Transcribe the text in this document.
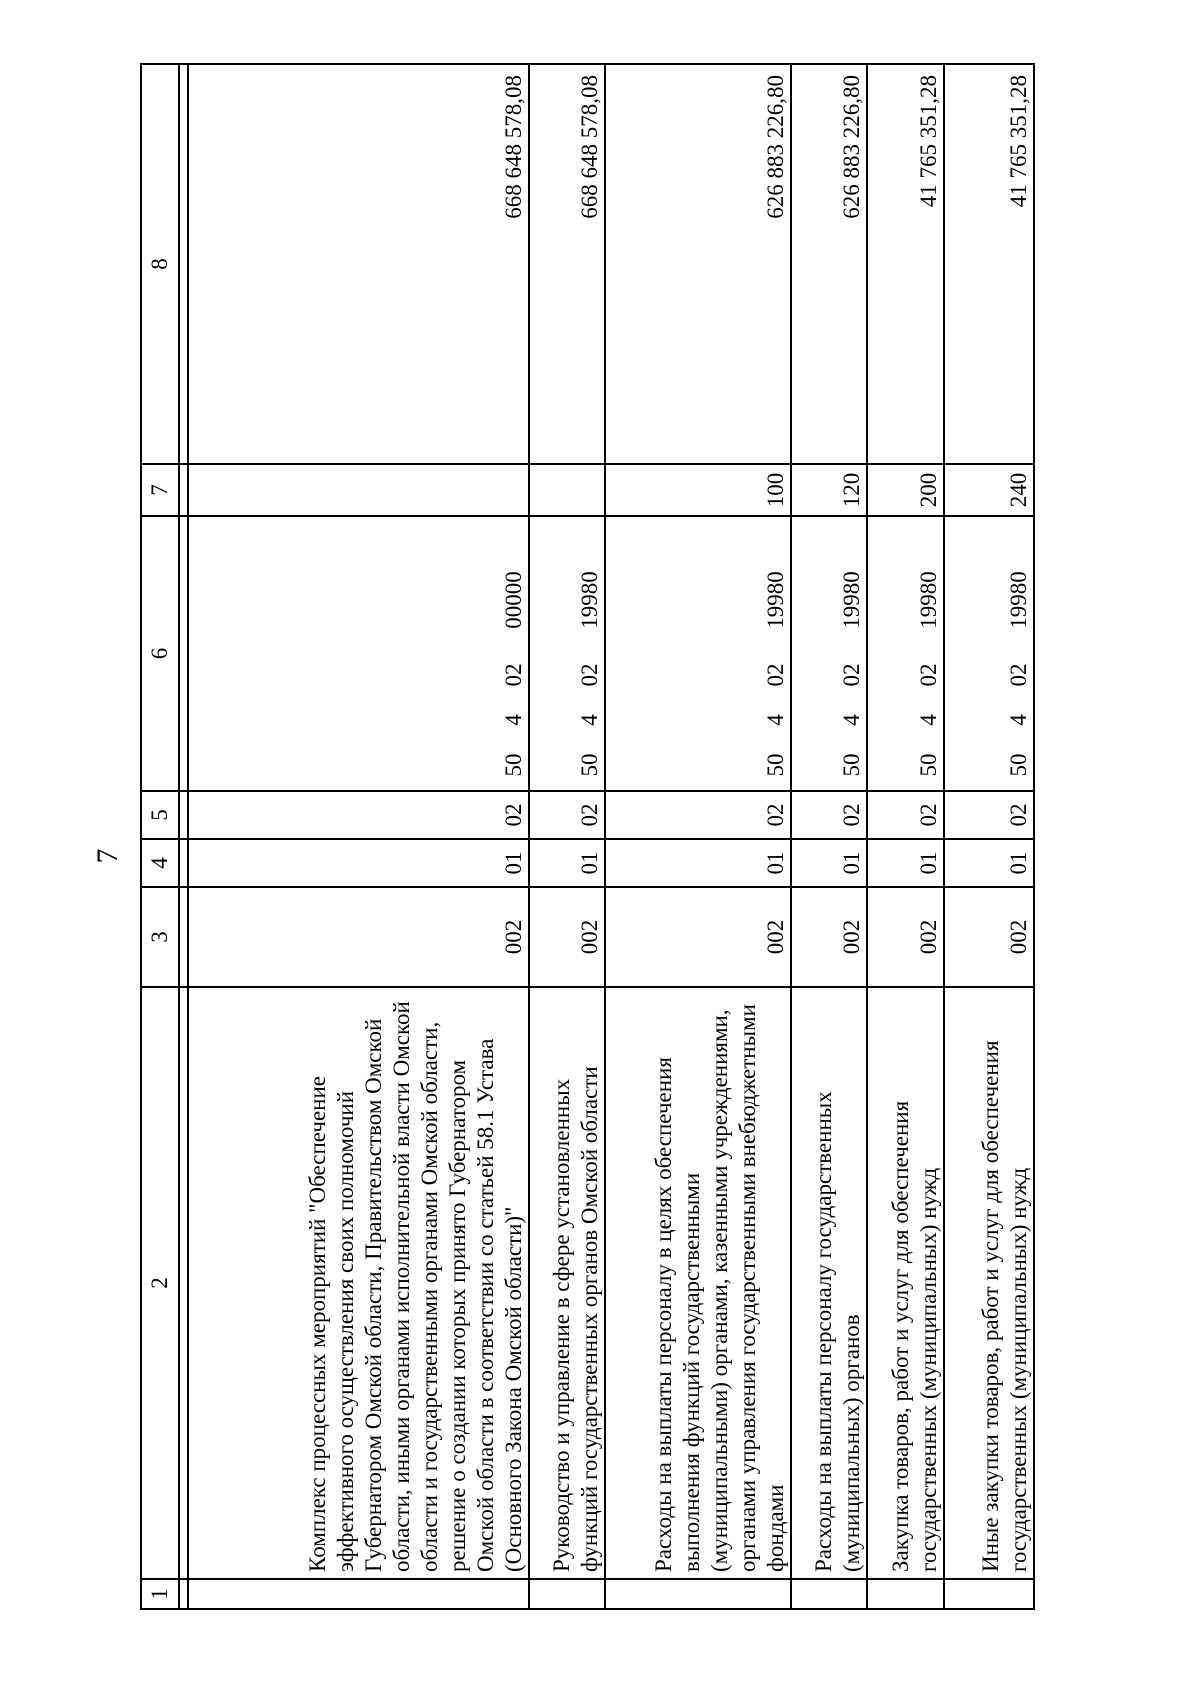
7
1	2	3	4	5	6	7	8

	Комплекс процессных мероприятий "Обеспечение эффективного осуществления своих полномочий Губернатором Омской области, Правительством Омской области, иными органами исполнительной власти Омской области и государственными органами Омской области, решение о создании которых принято Губернатором Омской области в соответствии со статьей 58.1 Устава (Основного Закона Омской области)"	002	01	02	5040200000		668 648 578,08
	Руководство и управление в сфере установленных функций государственных органов Омской области	002	01	02	5040219980		668 648 578,08
	Расходы на выплаты персоналу в целях обеспечения выполнения функций государственными (муниципальными) органами, казенными учреждениями, органами управления государственными внебюджетными фондами	002	01	02	5040219980	100	626 883 226,80
	Расходы на выплаты персоналу государственных (муниципальных) органов	002	01	02	5040219980	120	626 883 226,80
	Закупка товаров, работ и услуг для обеспечения государственных (муниципальных) нужд	002	01	02	5040219980	200	41 765 351,28
	Иные закупки товаров, работ и услуг для обеспечения государственных (муниципальных) нужд	002	01	02	5040219980	240	41 765 351,28
